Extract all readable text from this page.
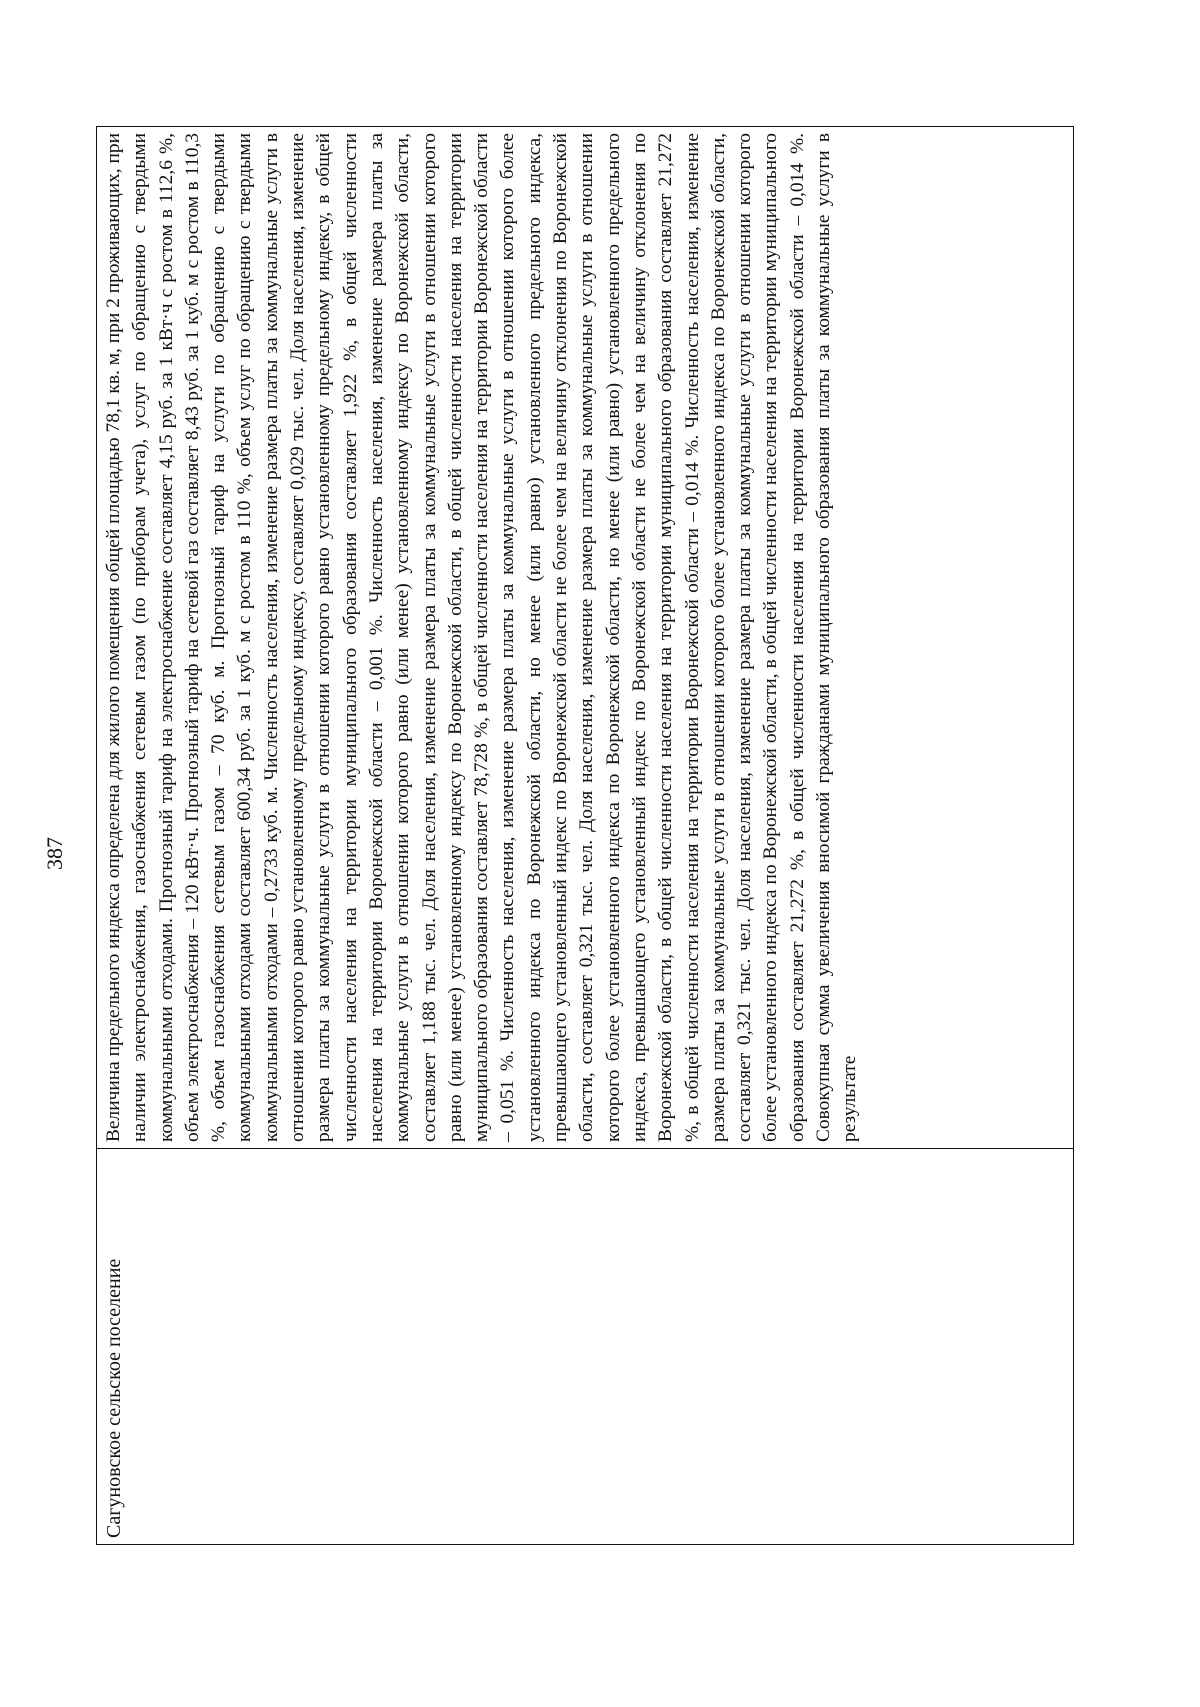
387
Сагуновское сельское поселение	Величина предельного индекса определена для жилого помещения общей площадью 78,1 кв. м, при 2 проживающих, при наличии электроснабжения, газоснабжения сетевым газом (по приборам учета), услуг по обращению с твердыми коммунальными отходами. Прогнозный тариф на электроснабжение составляет 4,15 руб. за 1 кВт·ч с ростом в 112,6 %, объем электроснабжения – 120 кВт·ч. Прогнозный тариф на сетевой газ составляет 8,43 руб. за 1 куб. м с ростом в 110,3 %, объем газоснабжения сетевым газом – 70 куб. м. Прогнозный тариф на услуги по обращению с твердыми коммунальными отходами составляет 600,34 руб. за 1 куб. м с ростом в 110 %, объем услуг по обращению с твердыми коммунальными отходами – 0,2733 куб. м. Численность населения, изменение размера платы за коммунальные услуги в отношении которого равно установленному предельному индексу, составляет 0,029 тыс. чел. Доля населения, изменение размера платы за коммунальные услуги в отношении которого равно установленному предельному индексу, в общей численности населения на территории муниципального образования составляет 1,922 %, в общей численности населения на территории Воронежской области – 0,001 %. Численность населения, изменение размера платы за коммунальные услуги в отношении которого равно (или менее) установленному индексу по Воронежской области, составляет 1,188 тыс. чел. Доля населения, изменение размера платы за коммунальные услуги в отношении которого равно (или менее) установленному индексу по Воронежской области, в общей численности населения на территории муниципального образования составляет 78,728 %, в общей численности населения на территории Воронежской области – 0,051 %. Численность населения, изменение размера платы за коммунальные услуги в отношении которого более установленного индекса по Воронежской области, но менее (или равно) установленного предельного индекса, превышающего установленный индекс по Воронежской области не более чем на величину отклонения по Воронежской области, составляет 0,321 тыс. чел. Доля населения, изменение размера платы за коммунальные услуги в отношении которого более установленного индекса по Воронежской области, но менее (или равно) установленного предельного индекса, превышающего установленный индекс по Воронежской области не более чем на величину отклонения по Воронежской области, в общей численности населения на территории муниципального образования составляет 21,272 %, в общей численности населения на территории Воронежской области – 0,014 %. Численность населения, изменение размера платы за коммунальные услуги в отношении которого более установленного индекса по Воронежской области, составляет 0,321 тыс. чел. Доля населения, изменение размера платы за коммунальные услуги в отношении которого более установленного индекса по Воронежской области, в общей численности населения на территории муниципального образования составляет 21,272 %, в общей численности населения на территории Воронежской области – 0,014 %. Совокупная сумма увеличения вносимой гражданами муниципального образования платы за коммунальные услуги в результате
